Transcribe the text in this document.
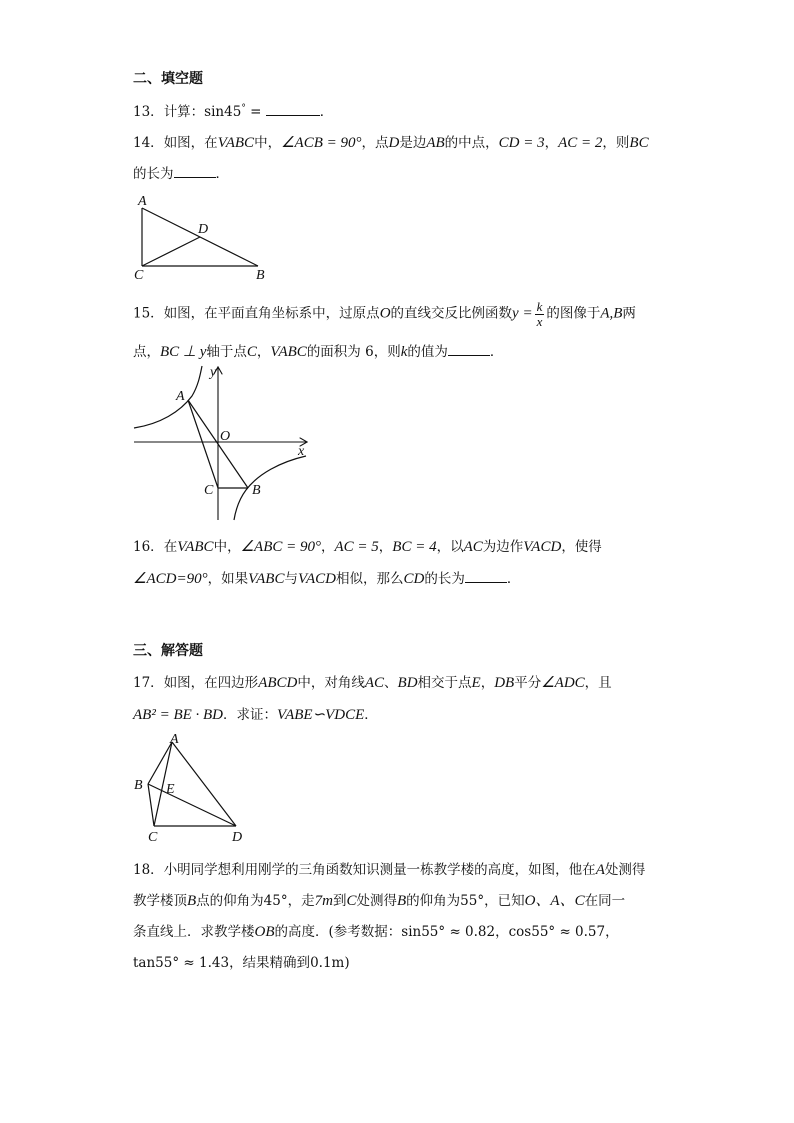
二、填空题
13．计算：sin45° =	．
14．如图，在VABC中，∠ACB = 90°，点D是边AB的中点，CD = 3，AC = 2，则BC
的长为	．
A
D
C	B
15．如图，在平面直角坐标系中，过原点O的直线交反比例函数$y = \frac{k}{x}$ 的图像于A,B两
点，BC ⊥ y轴于点C，VABC的面积为 6，则k的值为	．
y
A
O
x
C	B
16．在VABC中，∠ABC = 90°，AC = 5，BC = 4，以AC为边作VACD，使得
∠ACD=90°，如果VABC与VACD相似，那么CD的长为	．
三、解答题
17．如图，在四边形ABCD中，对角线AC、BD相交于点E，DB平分∠ADC，且
AB² = BE · BD．求证：VABE∽VDCE．
A
B E
C	D
18．小明同学想利用刚学的三角函数知识测量一栋教学楼的高度，如图，他在A处测得
教学楼顶B点的仰角为45°，走7m到C处测得B的仰角为55°，已知O、A、C在同一
条直线上．求教学楼OB的高度．(参考数据：sin55° ≈ 0.82，cos55° ≈ 0.57，
tan55° ≈ 1.43，结果精确到0.1m)
